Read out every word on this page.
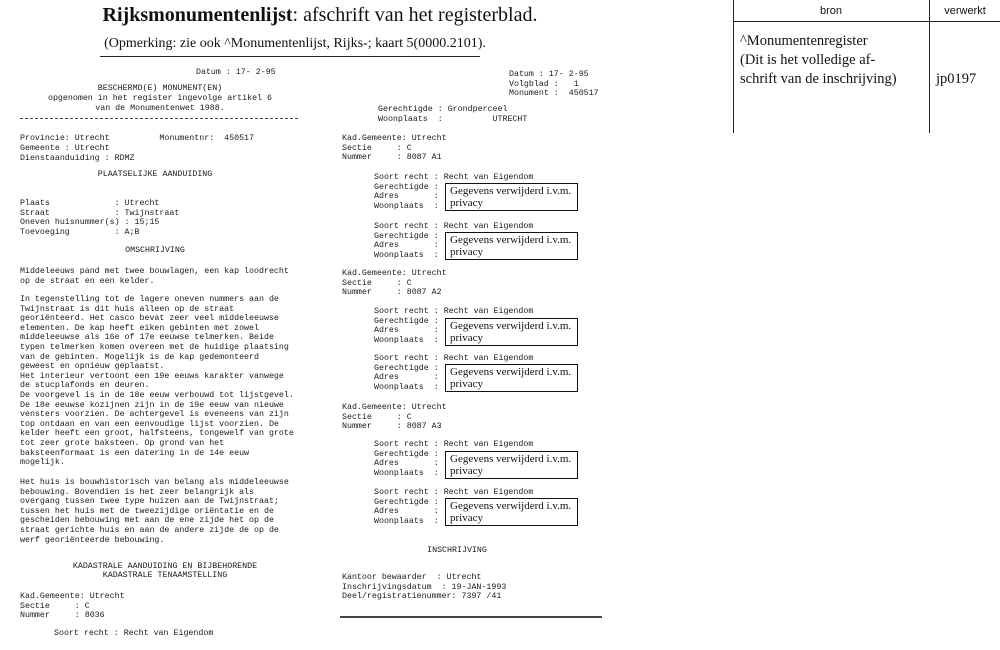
Rijksmonumentenlijst: afschrift van het registerblad.
(Opmerking: zie ook ^Monumentenlijst, Rijks-; kaart 5(0000.2101).
bron	verwerkt
^Monumentenregister
(Dit is het volledige af-
schrift van de inschrijving)	jp0197
Datum : 17- 2-95
BESCHERMD(E) MONUMENT(EN)
opgenomen in het register ingevolge artikel 6
van de Monumentenwet 1988.
Provincie: Utrecht          Monumentnr:  450517
Gemeente : Utrecht
Dienstaanduiding : RDMZ
PLAATSELIJKE AANDUIDING
Plaats             : Utrecht
Straat             : Twijnstraat
Oneven huisnummer(s) : 15;15
Toevoeging         : A;B
OMSCHRIJVING
Middeleeuws pand met twee bouwlagen, een kap loodrecht
op de straat en een kelder.
In tegenstelling tot de lagere oneven nummers aan de
Twijnstraat is dit huis alleen op de straat
georiënteerd. Het casco bevat zeer veel middeleeuwse
elementen. De kap heeft eiken gebinten met zowel
middeleeuwse als 16e of 17e eeuwse telmerken. Beide
typen telmerken komen overeen met de huidige plaatsing
van de gebinten. Mogelijk is de kap gedemonteerd
geweest en opnieuw geplaatst.
Het interieur vertoont een 19e eeuws karakter vanwege
de stucplafonds en deuren.
De voorgevel is in de 18e eeuw verbouwd tot lijstgevel.
De 18e eeuwse kozijnen zijn in de 19e eeuw van nieuwe
vensters voorzien. De achtergevel is eveneens van zijn
top ontdaan en van een eenvoudige lijst voorzien. De
kelder heeft een groot, halfsteens, tongewelf van grote
tot zeer grote baksteen. Op grond van het
baksteenformaat is een datering in de 14e eeuw
mogelijk.
Het huis is bouwhistorisch van belang als middeleeuwse
bebouwing. Bovendien is het zeer belangrijk als
overgang tussen twee type huizen aan de Twijnstraat;
tussen het huis met de tweezijdige oriëntatie en de
gescheiden bebouwing met aan de ene zijde het op de
straat gerichte huis en aan de andere zijde de op de
werf georiënteerde bebouwing.
KADASTRALE AANDUIDING EN BIJBEHORENDE
KADASTRALE TENAAMSTELLING
Kad.Gemeente: Utrecht
Sectie     : C
Nummer     : 8036
Soort recht : Recht van Eigendom
Datum : 17- 2-95
Volgblad :   1
Monument :  450517
Gerechtigde : Grondperceel
Woonplaats  :          UTRECHT
Kad.Gemeente: Utrecht
Sectie     : C
Nummer     : 8087 A1
Soort recht : Recht van Eigendom
Gerechtigde :
Adres       :
Woonplaats  :
Gegevens verwijderd i.v.m.
privacy
Soort recht : Recht van Eigendom
Gerechtigde :
Adres       :
Woonplaats  :
Gegevens verwijderd i.v.m.
privacy
Kad.Gemeente: Utrecht
Sectie     : C
Nummer     : 8087 A2
Soort recht : Recht van Eigendom
Gerechtigde :
Adres       :
Woonplaats  :
Gegevens verwijderd i.v.m.
privacy
Soort recht : Recht van Eigendom
Gerechtigde :
Adres       :
Woonplaats  :
Gegevens verwijderd i.v.m.
privacy
Kad.Gemeente: Utrecht
Sectie     : C
Nummer     : 8087 A3
Soort recht : Recht van Eigendom
Gerechtigde :
Adres       :
Woonplaats  :
Gegevens verwijderd i.v.m.
privacy
Soort recht : Recht van Eigendom
Gerechtigde :
Adres       :
Woonplaats  :
Gegevens verwijderd i.v.m.
privacy
INSCHRIJVING
Kantoor bewaarder  : Utrecht
Inschrijvingsdatum  : 19-JAN-1993
Deel/registratienummer: 7397 /41
